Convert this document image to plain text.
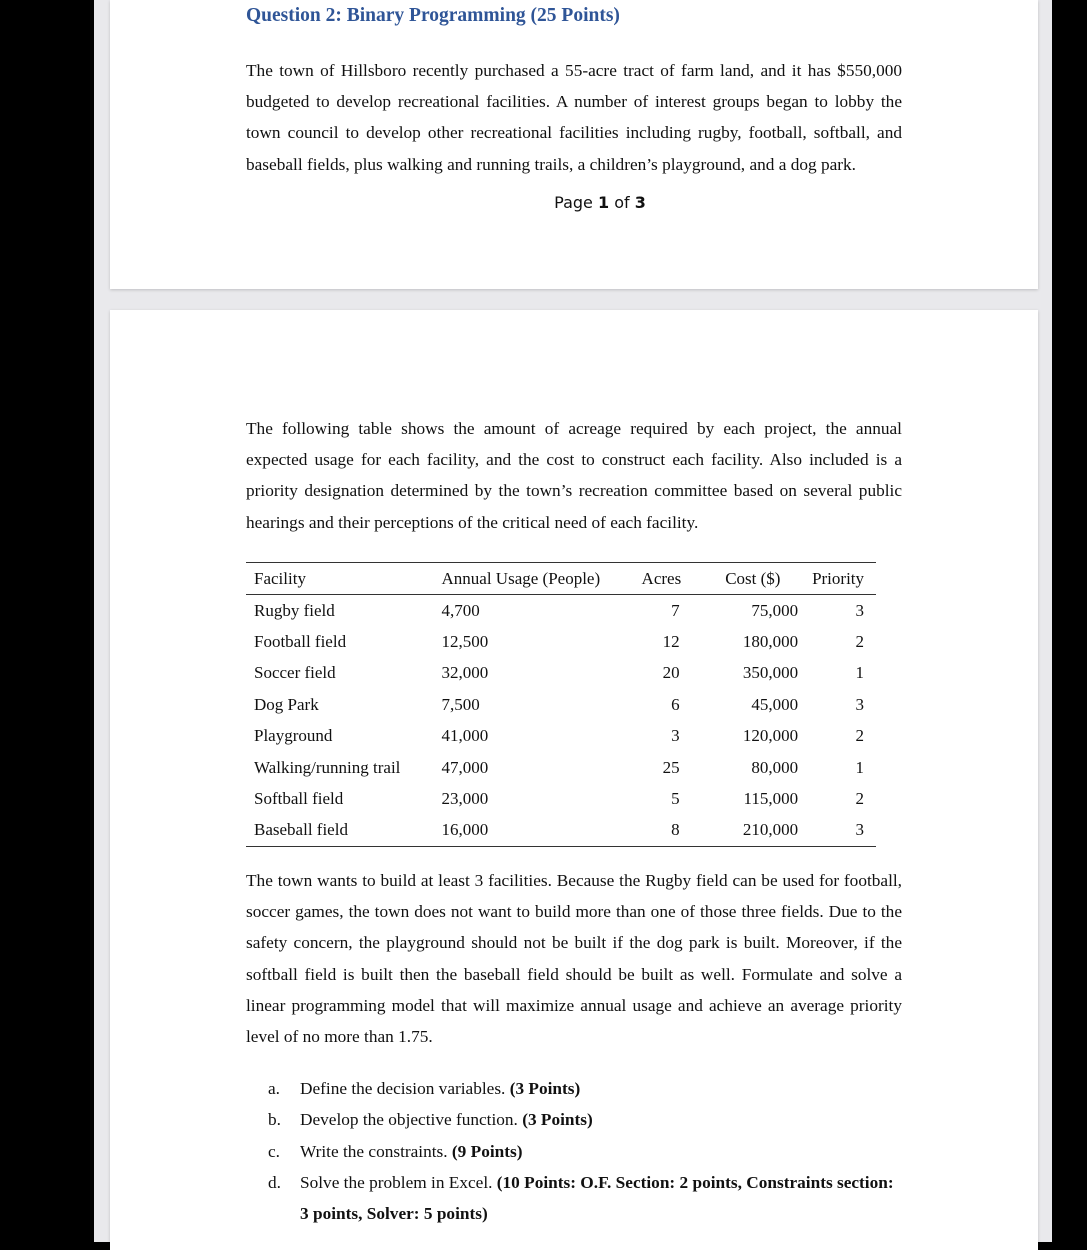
Question 2: Binary Programming (25 Points)

The town of Hillsboro recently purchased a 55-acre tract of farm land, and it has $550,000 budgeted to develop recreational facilities. A number of interest groups began to lobby the town council to develop other recreational facilities including rugby, football, softball, and baseball fields, plus walking and running trails, a children’s playground, and a dog park.

Page 1 of 3

The following table shows the amount of acreage required by each project, the annual expected usage for each facility, and the cost to construct each facility. Also included is a priority designation determined by the town’s recreation committee based on several public hearings and their perceptions of the critical need of each facility.

Facility	Annual Usage (People)	Acres	Cost ($)	Priority
Rugby field	4,700	7	75,000	3
Football field	12,500	12	180,000	2
Soccer field	32,000	20	350,000	1
Dog Park	7,500	6	45,000	3
Playground	41,000	3	120,000	2
Walking/running trail	47,000	25	80,000	1
Softball field	23,000	5	115,000	2
Baseball field	16,000	8	210,000	3

The town wants to build at least 3 facilities. Because the Rugby field can be used for football, soccer games, the town does not want to build more than one of those three fields. Due to the safety concern, the playground should not be built if the dog park is built. Moreover, if the softball field is built then the baseball field should be built as well. Formulate and solve a linear programming model that will maximize annual usage and achieve an average priority level of no more than 1.75.

a. Define the decision variables. (3 Points)
b. Develop the objective function. (3 Points)
c. Write the constraints. (9 Points)
d. Solve the problem in Excel. (10 Points: O.F. Section: 2 points, Constraints section: 3 points, Solver: 5 points)
